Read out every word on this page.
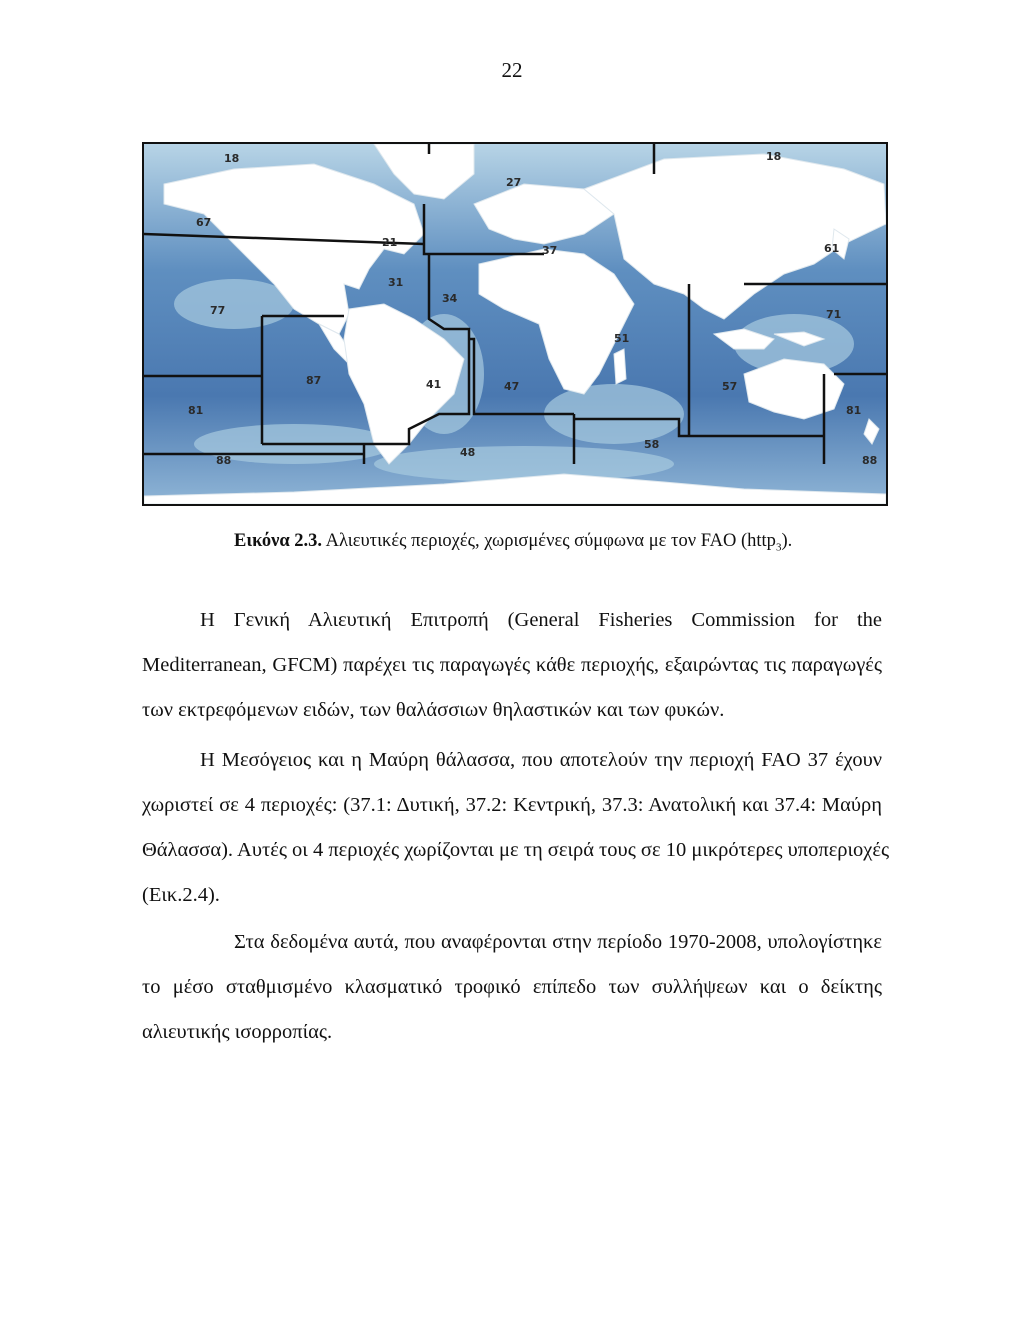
22
18	18
27
67
21
37	61
31
34
77	71
51
87	41	47	57
81	81
58
48
88	88
Εικόνα 2.3. Αλιευτικές περιοχές, χωρισμένες σύμφωνα με τον FAO (http$_3$).
Η Γενική Αλιευτική Επιτροπή (General Fisheries Commission for the
Mediterranean, GFCM) παρέχει τις παραγωγές κάθε περιοχής, εξαιρώντας τις παραγωγές
των εκτρεφόμενων ειδών, των θαλάσσιων θηλαστικών και των φυκών.
Η Μεσόγειος και η Μαύρη θάλασσα, που αποτελούν την περιοχή FAO 37 έχουν
χωριστεί σε 4 περιοχές: (37.1: Δυτική, 37.2: Κεντρική, 37.3: Ανατολική και 37.4: Μαύρη
Θάλασσα). Αυτές οι 4 περιοχές χωρίζονται με τη σειρά τους σε 10 μικρότερες υποπεριοχές
(Εικ.2.4).
Στα δεδομένα αυτά, που αναφέρονται στην περίοδο 1970-2008, υπολογίστηκε
το μέσο σταθμισμένο κλασματικό τροφικό επίπεδο των συλλήψεων και ο δείκτης
αλιευτικής ισορροπίας.
